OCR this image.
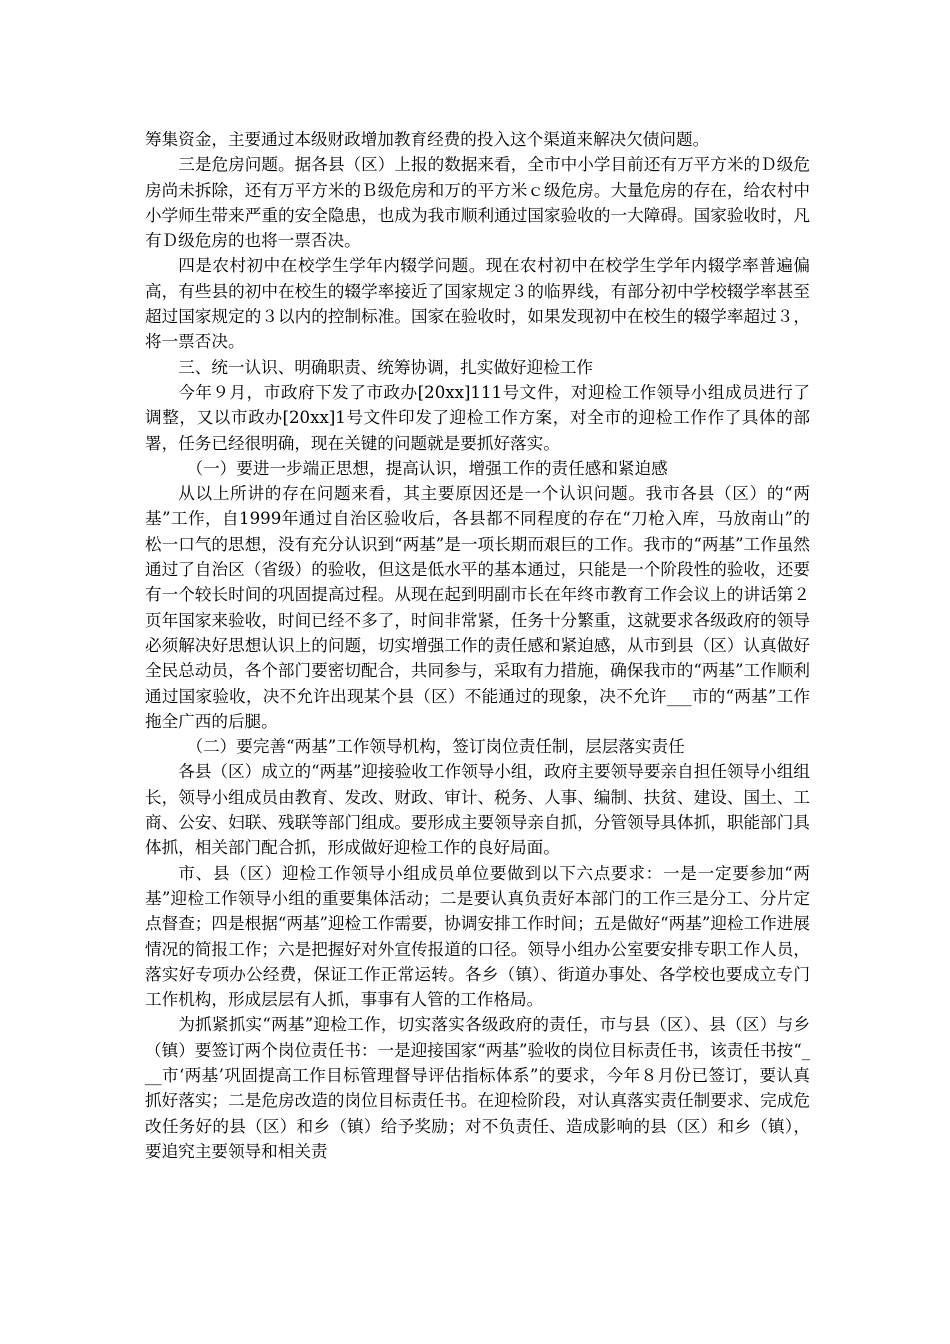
筹集资金，主要通过本级财政增加教育经费的投入这个渠道来解决欠债问题。

三是危房问题。据各县（区）上报的数据来看，全市中小学目前还有万平方米的Ｄ级危房尚未拆除，还有万平方米的Ｂ级危房和万的平方米ｃ级危房。大量危房的存在，给农村中小学师生带来严重的安全隐患，也成为我市顺利通过国家验收的一大障碍。国家验收时，凡有Ｄ级危房的也将一票否决。

四是农村初中在校学生学年内辍学问题。现在农村初中在校学生学年内辍学率普遍偏高，有些县的初中在校生的辍学率接近了国家规定３的临界线，有部分初中学校辍学率甚至超过国家规定的３以内的控制标准。国家在验收时，如果发现初中在校生的辍学率超过３，将一票否决。

三、统一认识、明确职责、统筹协调，扎实做好迎检工作

今年９月，市政府下发了市政办[20xx]111号文件，对迎检工作领导小组成员进行了调整，又以市政办[20xx]1号文件印发了迎检工作方案，对全市的迎检工作作了具体的部署，任务已经很明确，现在关键的问题就是要抓好落实。

（一）要进一步端正思想，提高认识，增强工作的责任感和紧迫感

从以上所讲的存在问题来看，其主要原因还是一个认识问题。我市各县（区）的“两基”工作，自1999年通过自治区验收后，各县都不同程度的存在“刀枪入库，马放南山”的松一口气的思想，没有充分认识到“两基”是一项长期而艰巨的工作。我市的“两基”工作虽然通过了自治区（省级）的验收，但这是低水平的基本通过，只能是一个阶段性的验收，还要有一个较长时间的巩固提高过程。从现在起到明副市长在年终市教育工作会议上的讲话第２页年国家来验收，时间已经不多了，时间非常紧，任务十分繁重，这就要求各级政府的领导必须解决好思想认识上的问题，切实增强工作的责任感和紧迫感，从市到县（区）认真做好全民总动员，各个部门要密切配合，共同参与，采取有力措施，确保我市的“两基”工作顺利通过国家验收，决不允许出现某个县（区）不能通过的现象，决不允许___市的“两基”工作拖全广西的后腿。

（二）要完善“两基”工作领导机构，签订岗位责任制，层层落实责任

各县（区）成立的“两基”迎接验收工作领导小组，政府主要领导要亲自担任领导小组组长，领导小组成员由教育、发改、财政、审计、税务、人事、编制、扶贫、建设、国土、工商、公安、妇联、残联等部门组成。要形成主要领导亲自抓，分管领导具体抓，职能部门具体抓，相关部门配合抓，形成做好迎检工作的良好局面。

市、县（区）迎检工作领导小组成员单位要做到以下六点要求：一是一定要参加“两基”迎检工作领导小组的重要集体活动；二是要认真负责好本部门的工作三是分工、分片定点督查；四是根据“两基”迎检工作需要，协调安排工作时间；五是做好“两基”迎检工作进展情况的简报工作；六是把握好对外宣传报道的口径。领导小组办公室要安排专职工作人员，落实好专项办公经费，保证工作正常运转。各乡（镇）、街道办事处、各学校也要成立专门工作机构，形成层层有人抓，事事有人管的工作格局。

为抓紧抓实“两基”迎检工作，切实落实各级政府的责任，市与县（区）、县（区）与乡（镇）要签订两个岗位责任书：一是迎接国家“两基”验收的岗位目标责任书，该责任书按“___市‘两基’巩固提高工作目标管理督导评估指标体系”的要求，今年８月份已签订，要认真抓好落实；二是危房改造的岗位目标责任书。在迎检阶段，对认真落实责任制要求、完成危改任务好的县（区）和乡（镇）给予奖励；对不负责任、造成影响的县（区）和乡（镇），要追究主要领导和相关责
